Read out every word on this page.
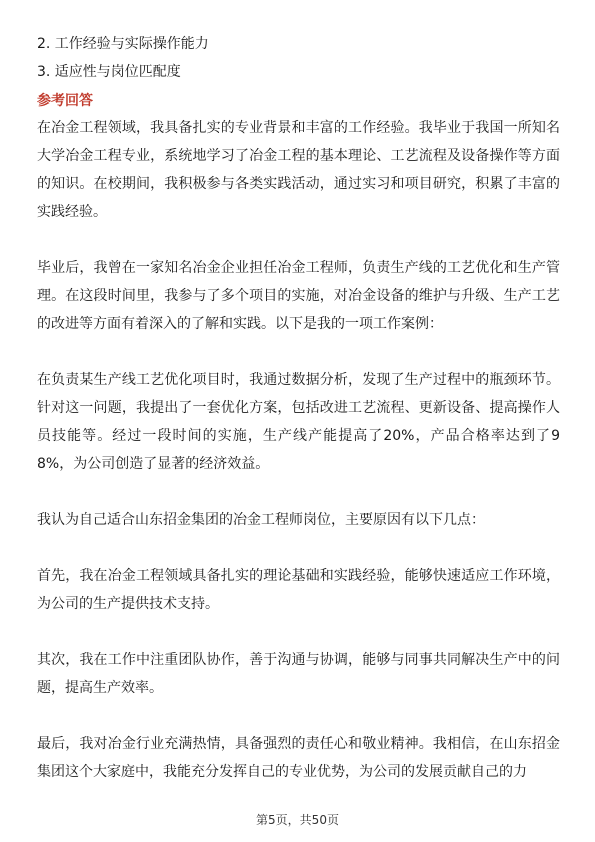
2. 工作经验与实际操作能力
3. 适应性与岗位匹配度
参考回答

在冶金工程领域，我具备扎实的专业背景和丰富的工作经验。我毕业于我国一所知名大学冶金工程专业，系统地学习了冶金工程的基本理论、工艺流程及设备操作等方面的知识。在校期间，我积极参与各类实践活动，通过实习和项目研究，积累了丰富的实践经验。

毕业后，我曾在一家知名冶金企业担任冶金工程师，负责生产线的工艺优化和生产管理。在这段时间里，我参与了多个项目的实施，对冶金设备的维护与升级、生产工艺的改进等方面有着深入的了解和实践。以下是我的一项工作案例：

在负责某生产线工艺优化项目时，我通过数据分析，发现了生产过程中的瓶颈环节。针对这一问题，我提出了一套优化方案，包括改进工艺流程、更新设备、提高操作人员技能等。经过一段时间的实施，生产线产能提高了20%，产品合格率达到了98%，为公司创造了显著的经济效益。

我认为自己适合山东招金集团的冶金工程师岗位，主要原因有以下几点：

首先，我在冶金工程领域具备扎实的理论基础和实践经验，能够快速适应工作环境，为公司的生产提供技术支持。

其次，我在工作中注重团队协作，善于沟通与协调，能够与同事共同解决生产中的问题，提高生产效率。

最后，我对冶金行业充满热情，具备强烈的责任心和敬业精神。我相信，在山东招金集团这个大家庭中，我能充分发挥自己的专业优势，为公司的发展贡献自己的力

第5页，共50页
